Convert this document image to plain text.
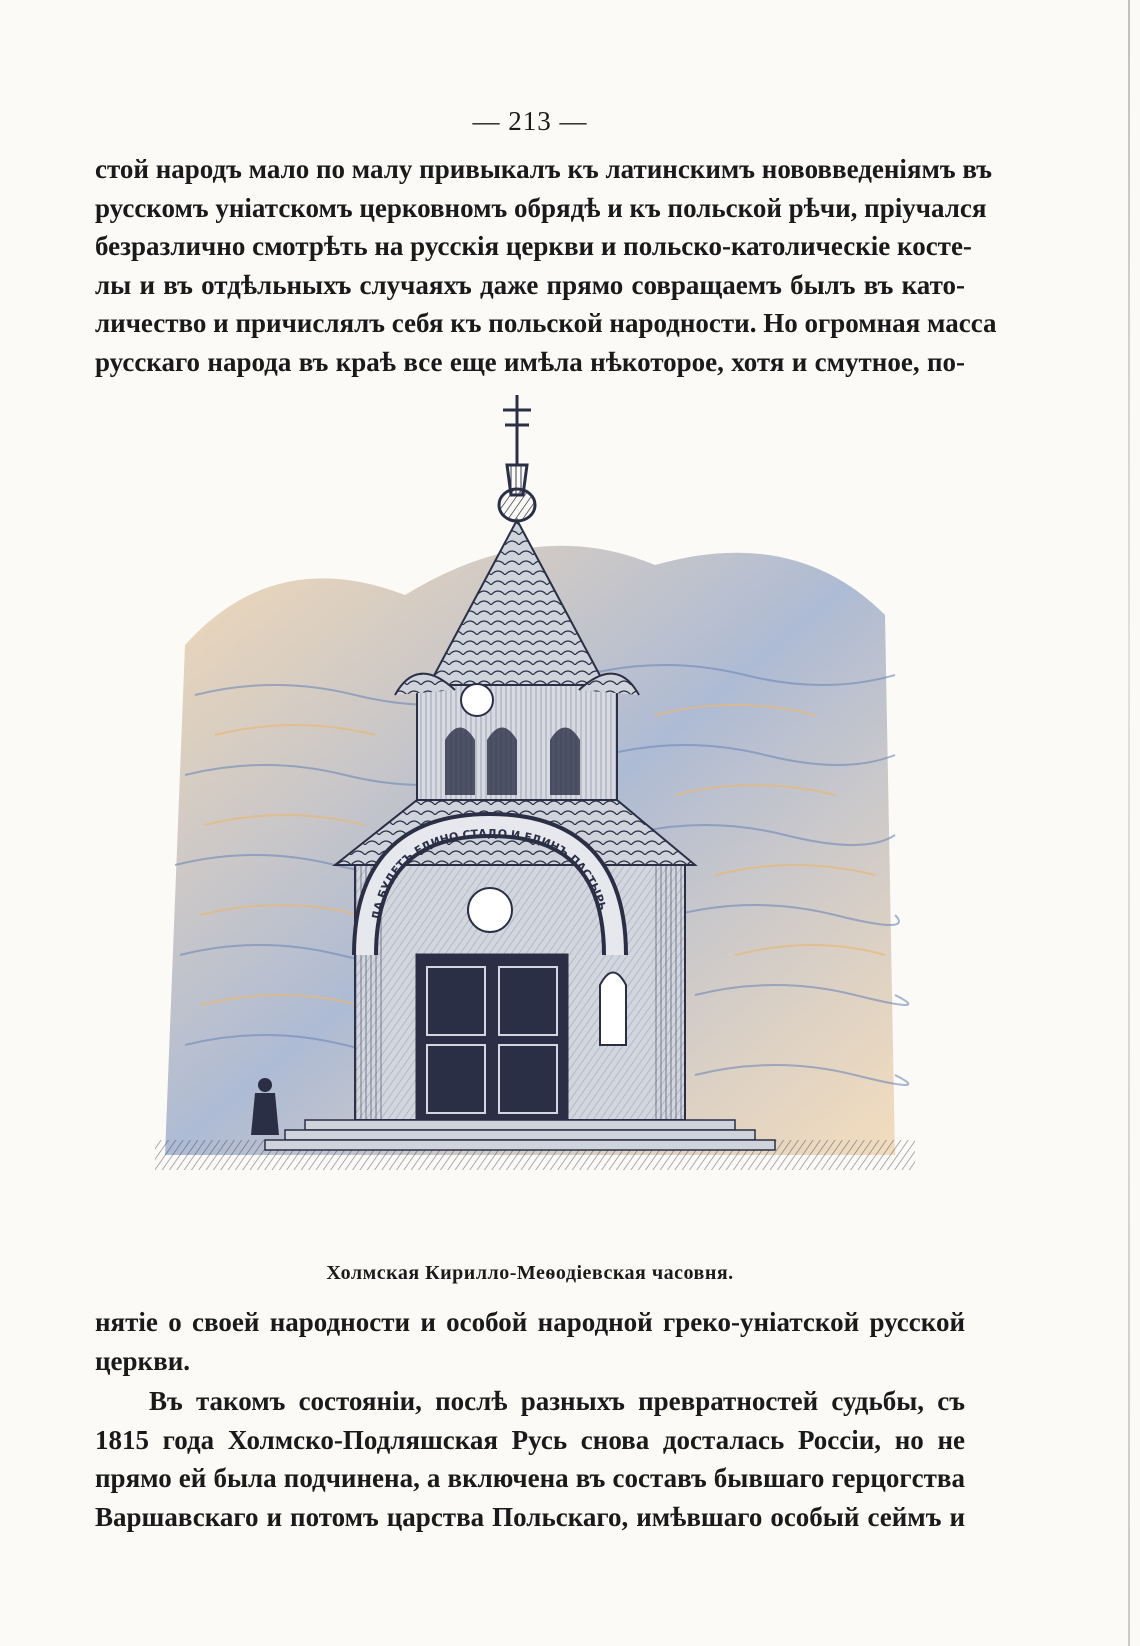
— 213 —
стой народъ мало по малу привыкалъ къ латинскимъ нововведеніямъ въ
русскомъ уніатскомъ церковномъ обрядѣ и къ польской рѣчи, пріучался
безразлично смотрѣть на русскія церкви и польско-католическіе косте-
лы и въ отдѣльныхъ случаяхъ даже прямо совращаемъ былъ въ като-
личество и причислялъ себя къ польской народности. Но огромная масса
русскаго народа въ краѣ все еще имѣла нѣкоторое, хотя и смутное, по-
ДА БУДЕТЪ ЕДИНО СТАДО И ЕДИНЪ ПАСТЫРЬ
Холмская Кирилло-Меѳодіевская часовня.
нятіе о своей народности и особой народной греко-уніатской русской
церкви.
Въ такомъ состояніи, послѣ разныхъ превратностей судьбы, съ
1815 года Холмско-Подляшская Русь снова досталась Россіи, но не
прямо ей была подчинена, а включена въ составъ бывшаго герцогства
Варшавскаго и потомъ царства Польскаго, имѣвшаго особый сеймъ и
